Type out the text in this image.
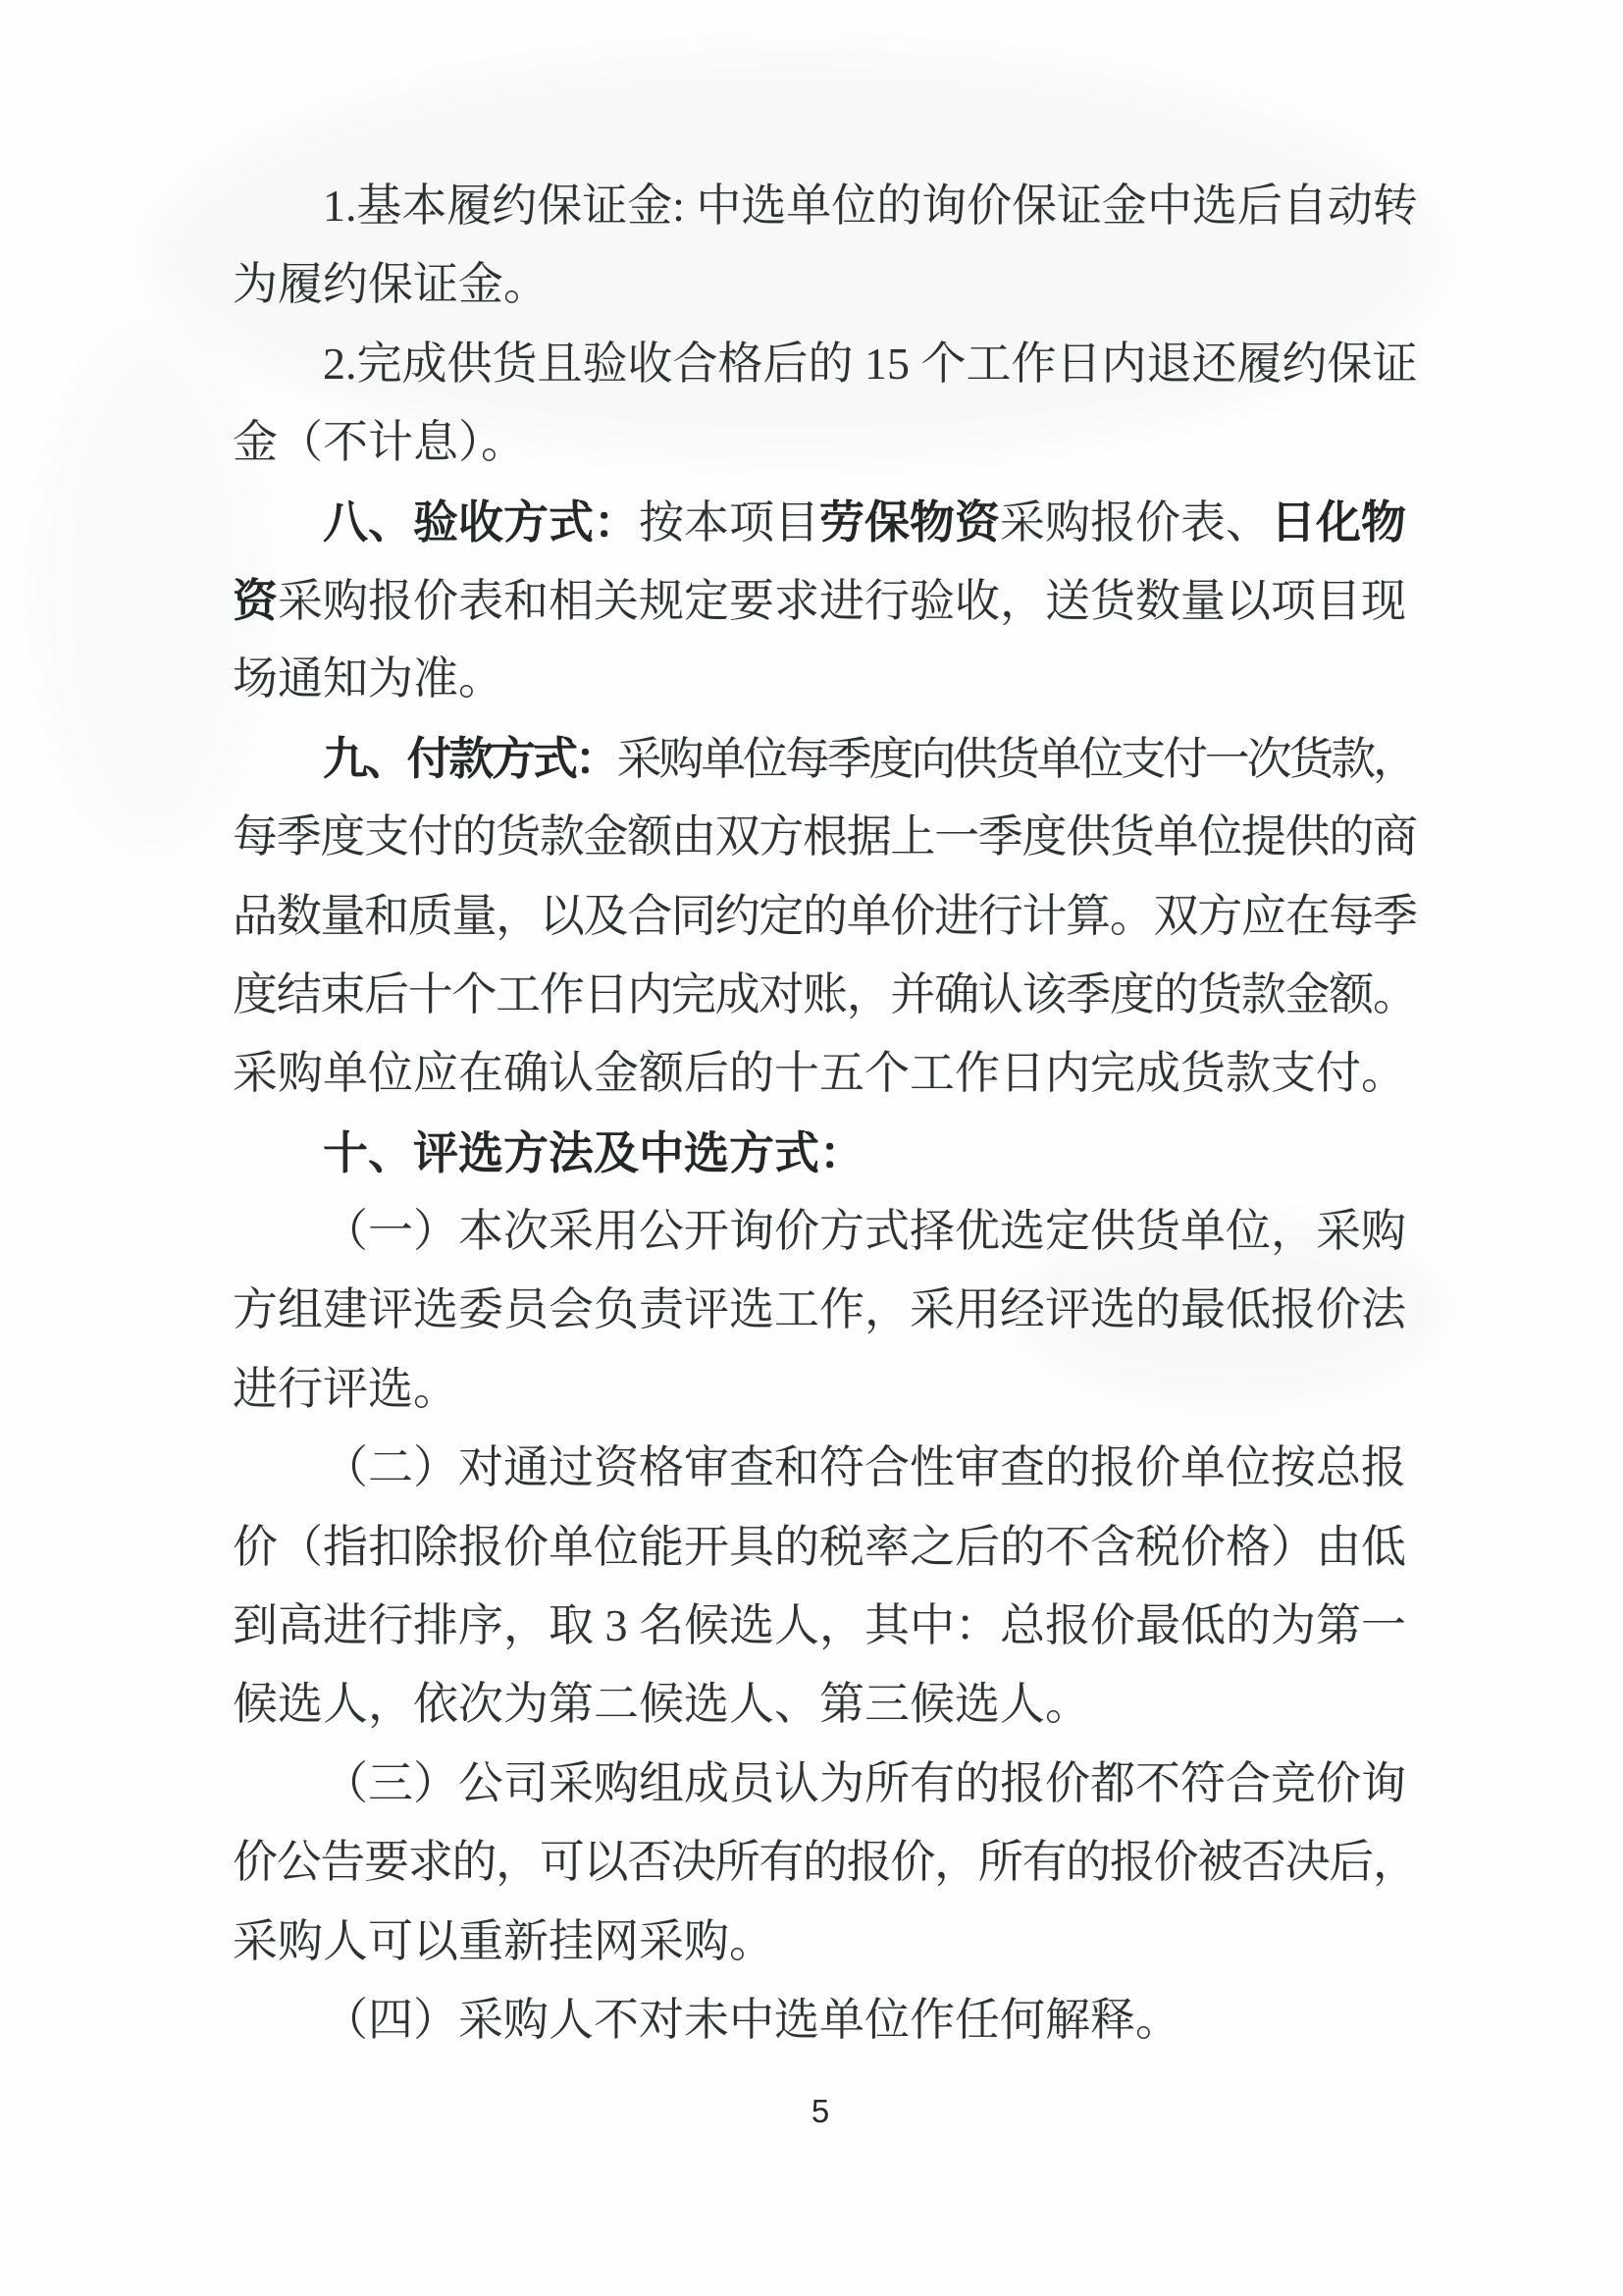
1.基本履约保证金: 中选单位的询价保证金中选后自动转
为履约保证金。
2.完成供货且验收合格后的 15 个工作日内退还履约保证
金（不计息）。
八、验收方式：按本项目劳保物资采购报价表、日化物
资采购报价表和相关规定要求进行验收，送货数量以项目现
场通知为准。
九、付款方式：采购单位每季度向供货单位支付一次货款，
每季度支付的货款金额由双方根据上一季度供货单位提供的商
品数量和质量，以及合同约定的单价进行计算。双方应在每季
度结束后十个工作日内完成对账，并确认该季度的货款金额。
采购单位应在确认金额后的十五个工作日内完成货款支付。
十、评选方法及中选方式：
（一）本次采用公开询价方式择优选定供货单位，采购
方组建评选委员会负责评选工作，采用经评选的最低报价法
进行评选。
（二）对通过资格审查和符合性审查的报价单位按总报
价（指扣除报价单位能开具的税率之后的不含税价格）由低
到高进行排序，取 3 名候选人，其中：总报价最低的为第一
候选人，依次为第二候选人、第三候选人。
（三）公司采购组成员认为所有的报价都不符合竞价询
价公告要求的，可以否决所有的报价，所有的报价被否决后，
采购人可以重新挂网采购。
（四）采购人不对未中选单位作任何解释。
5
